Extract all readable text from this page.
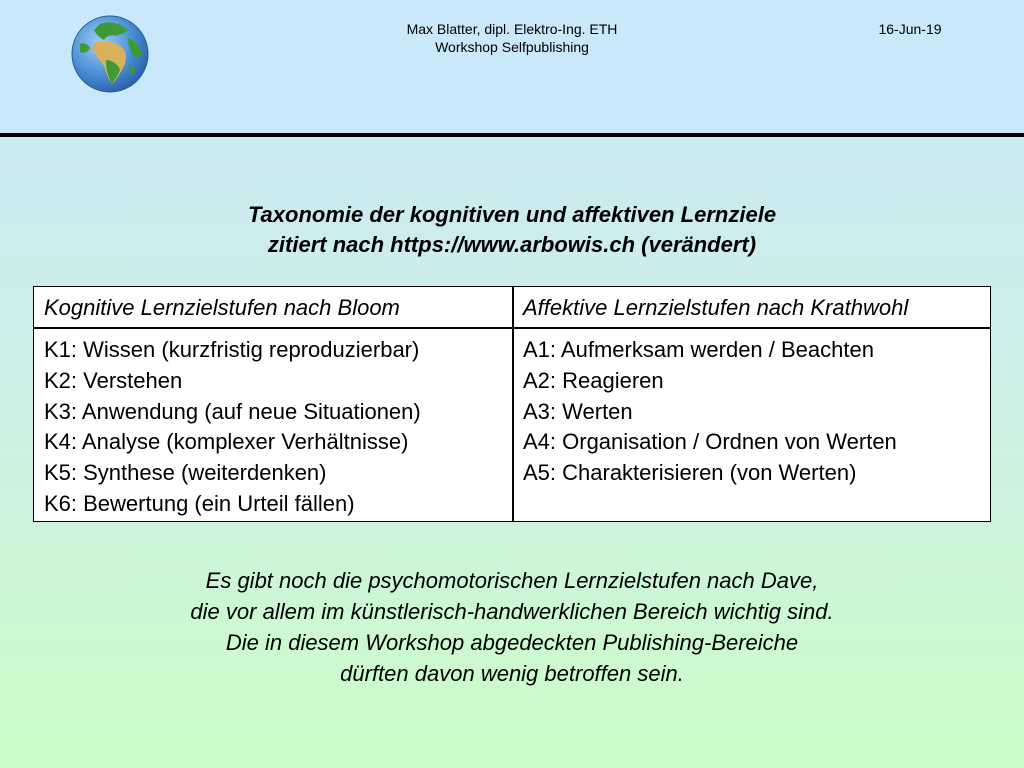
Max Blatter, dipl. Elektro-Ing. ETH
Workshop Selfpublishing
16-Jun-19
Taxonomie der kognitiven und affektiven Lernziele
zitiert nach https://www.arbowis.ch (verändert)
Kognitive Lernzielstufen nach Bloom	Affektive Lernzielstufen nach Krathwohl
K1: Wissen (kurzfristig reproduzierbar)
K2: Verstehen
K3: Anwendung (auf neue Situationen)
K4: Analyse (komplexer Verhältnisse)
K5: Synthese (weiterdenken)
K6: Bewertung (ein Urteil fällen)
A1: Aufmerksam werden / Beachten
A2: Reagieren
A3: Werten
A4: Organisation / Ordnen von Werten
A5: Charakterisieren (von Werten)
Es gibt noch die psychomotorischen Lernzielstufen nach Dave,
die vor allem im künstlerisch-handwerklichen Bereich wichtig sind.
Die in diesem Workshop abgedeckten Publishing-Bereiche
dürften davon wenig betroffen sein.
